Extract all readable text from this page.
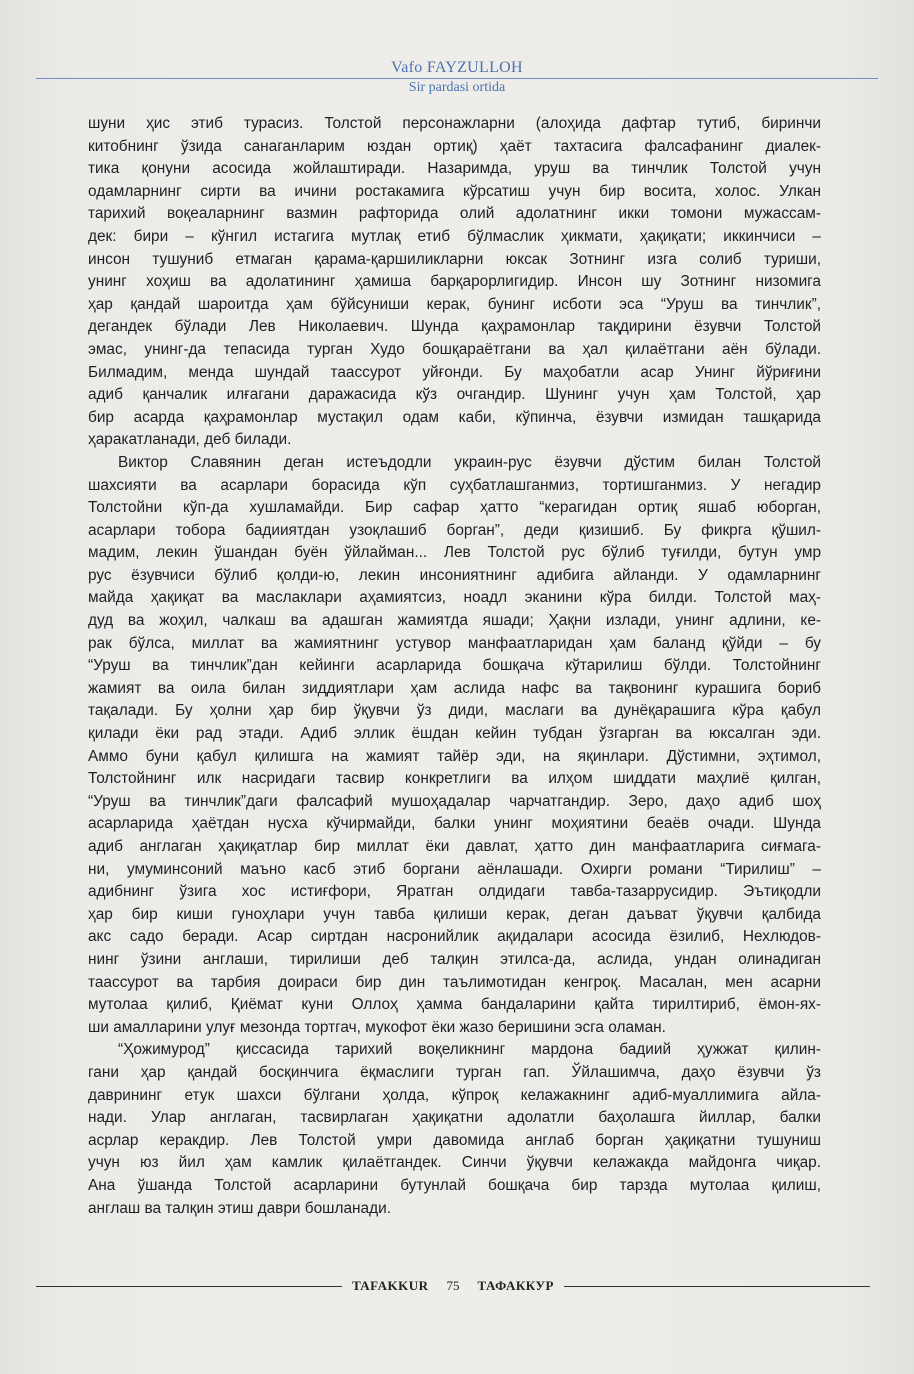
Vafo FAYZULLOH
Sir pardasi ortida
шуни ҳис этиб турасиз. Толстой персонажларни (алоҳида дафтар тутиб, биринчи
китобнинг ўзида санаганларим юздан ортиқ) ҳаёт тахтасига фалсафанинг диалек-
тика қонуни асосида жойлаштиради. Назаримда, уруш ва тинчлик Толстой учун
одамларнинг сирти ва ичини ростакамига кўрсатиш учун бир восита, холос. Улкан
тарихий воқеаларнинг вазмин рафторида олий адолатнинг икки томони мужассам-
дек: бири – кўнгил истагига мутлақ етиб бўлмаслик ҳикмати, ҳақиқати; иккинчиси –
инсон тушуниб етмаган қарама-қаршиликларни юксак Зотнинг изга солиб туриши,
унинг хоҳиш ва адолатининг ҳамиша барқарорлигидир. Инсон шу Зотнинг низомига
ҳар қандай шароитда ҳам бўйсуниши керак, бунинг исботи эса “Уруш ва тинчлик”,
дегандек бўлади Лев Николаевич. Шунда қаҳрамонлар тақдирини ёзувчи Толстой
эмас, унинг-да тепасида турган Худо бошқараётгани ва ҳал қилаётгани аён бўлади.
Билмадим, менда шундай таассурот уйғонди. Бу маҳобатли асар Унинг йўриғини
адиб қанчалик илғагани даражасида кўз очгандир. Шунинг учун ҳам Толстой, ҳар
бир асарда қаҳрамонлар мустақил одам каби, кўпинча, ёзувчи измидан ташқарида
ҳаракатланади, деб билади.
Виктор Славянин деган истеъдодли украин-рус ёзувчи дўстим билан Толстой
шахсияти ва асарлари борасида кўп суҳбатлашганмиз, тортишганмиз. У негадир
Толстойни кўп-да хушламайди. Бир сафар ҳатто “керагидан ортиқ яшаб юборган,
асарлари тобора бадииятдан узоқлашиб борган”, деди қизишиб. Бу фикрга қўшил-
мадим, лекин ўшандан буён ўйлайман... Лев Толстой рус бўлиб туғилди, бутун умр
рус ёзувчиси бўлиб қолди-ю, лекин инсониятнинг адибига айланди. У одамларнинг
майда ҳақиқат ва маслаклари аҳамиятсиз, ноадл эканини кўра билди. Толстой маҳ-
дуд ва жоҳил, чалкаш ва адашган жамиятда яшади; Ҳақни излади, унинг адлини, ке-
рак бўлса, миллат ва жамиятнинг устувор манфаатларидан ҳам баланд қўйди – бу
“Уруш ва тинчлик”дан кейинги асарларида бошқача кўтарилиш бўлди. Толстойнинг
жамият ва оила билан зиддиятлари ҳам аслида нафс ва тақвонинг курашига бориб
тақалади. Бу ҳолни ҳар бир ўқувчи ўз диди, маслаги ва дунёқарашига кўра қабул
қилади ёки рад этади. Адиб эллик ёшдан кейин тубдан ўзгарган ва юксалган эди.
Аммо буни қабул қилишга на жамият тайёр эди, на яқинлари. Дўстимни, эҳтимол,
Толстойнинг илк насридаги тасвир конкретлиги ва илҳом шиддати маҳлиё қилган,
“Уруш ва тинчлик”даги фалсафий мушоҳадалар чарчатгандир. Зеро, даҳо адиб шоҳ
асарларида ҳаётдан нусха кўчирмайди, балки унинг моҳиятини беаёв очади. Шунда
адиб англаган ҳақиқатлар бир миллат ёки давлат, ҳатто дин манфаатларига сиғмага-
ни, умуминсоний маъно касб этиб боргани аёнлашади. Охирги романи “Тирилиш” –
адибнинг ўзига хос истиғфори, Яратган олдидаги тавба-тазаррусидир. Эътиқодли
ҳар бир киши гуноҳлари учун тавба қилиши керак, деган даъват ўқувчи қалбида
акс садо беради. Асар сиртдан насронийлик ақидалари асосида ёзилиб, Нехлюдов-
нинг ўзини англаши, тирилиши деб талқин этилса-да, аслида, ундан олинадиган
таассурот ва тарбия доираси бир дин таълимотидан кенгроқ. Масалан, мен асарни
мутолаа қилиб, Қиёмат куни Оллоҳ ҳамма бандаларини қайта тирилтириб, ёмон-ях-
ши амалларини улуғ мезонда тортгач, мукофот ёки жазо беришини эсга оламан.
“Ҳожимурод” қиссасида тарихий воқеликнинг мардона бадиий ҳужжат қилин-
гани ҳар қандай босқинчига ёқмаслиги турган гап. Ўйлашимча, даҳо ёзувчи ўз
даврининг етук шахси бўлгани ҳолда, кўпроқ келажакнинг адиб-муаллимига айла-
нади. Улар англаган, тасвирлаган ҳақиқатни адолатли баҳолашга йиллар, балки
асрлар керакдир. Лев Толстой умри давомида англаб борган ҳақиқатни тушуниш
учун юз йил ҳам камлик қилаётгандек. Синчи ўқувчи келажакда майдонга чиқар.
Ана ўшанда Толстой асарларини бутунлай бошқача бир тарзда мутолаа қилиш,
англаш ва талқин этиш даври бошланади.
TAFAKKUR	75	ТАФАККУР
